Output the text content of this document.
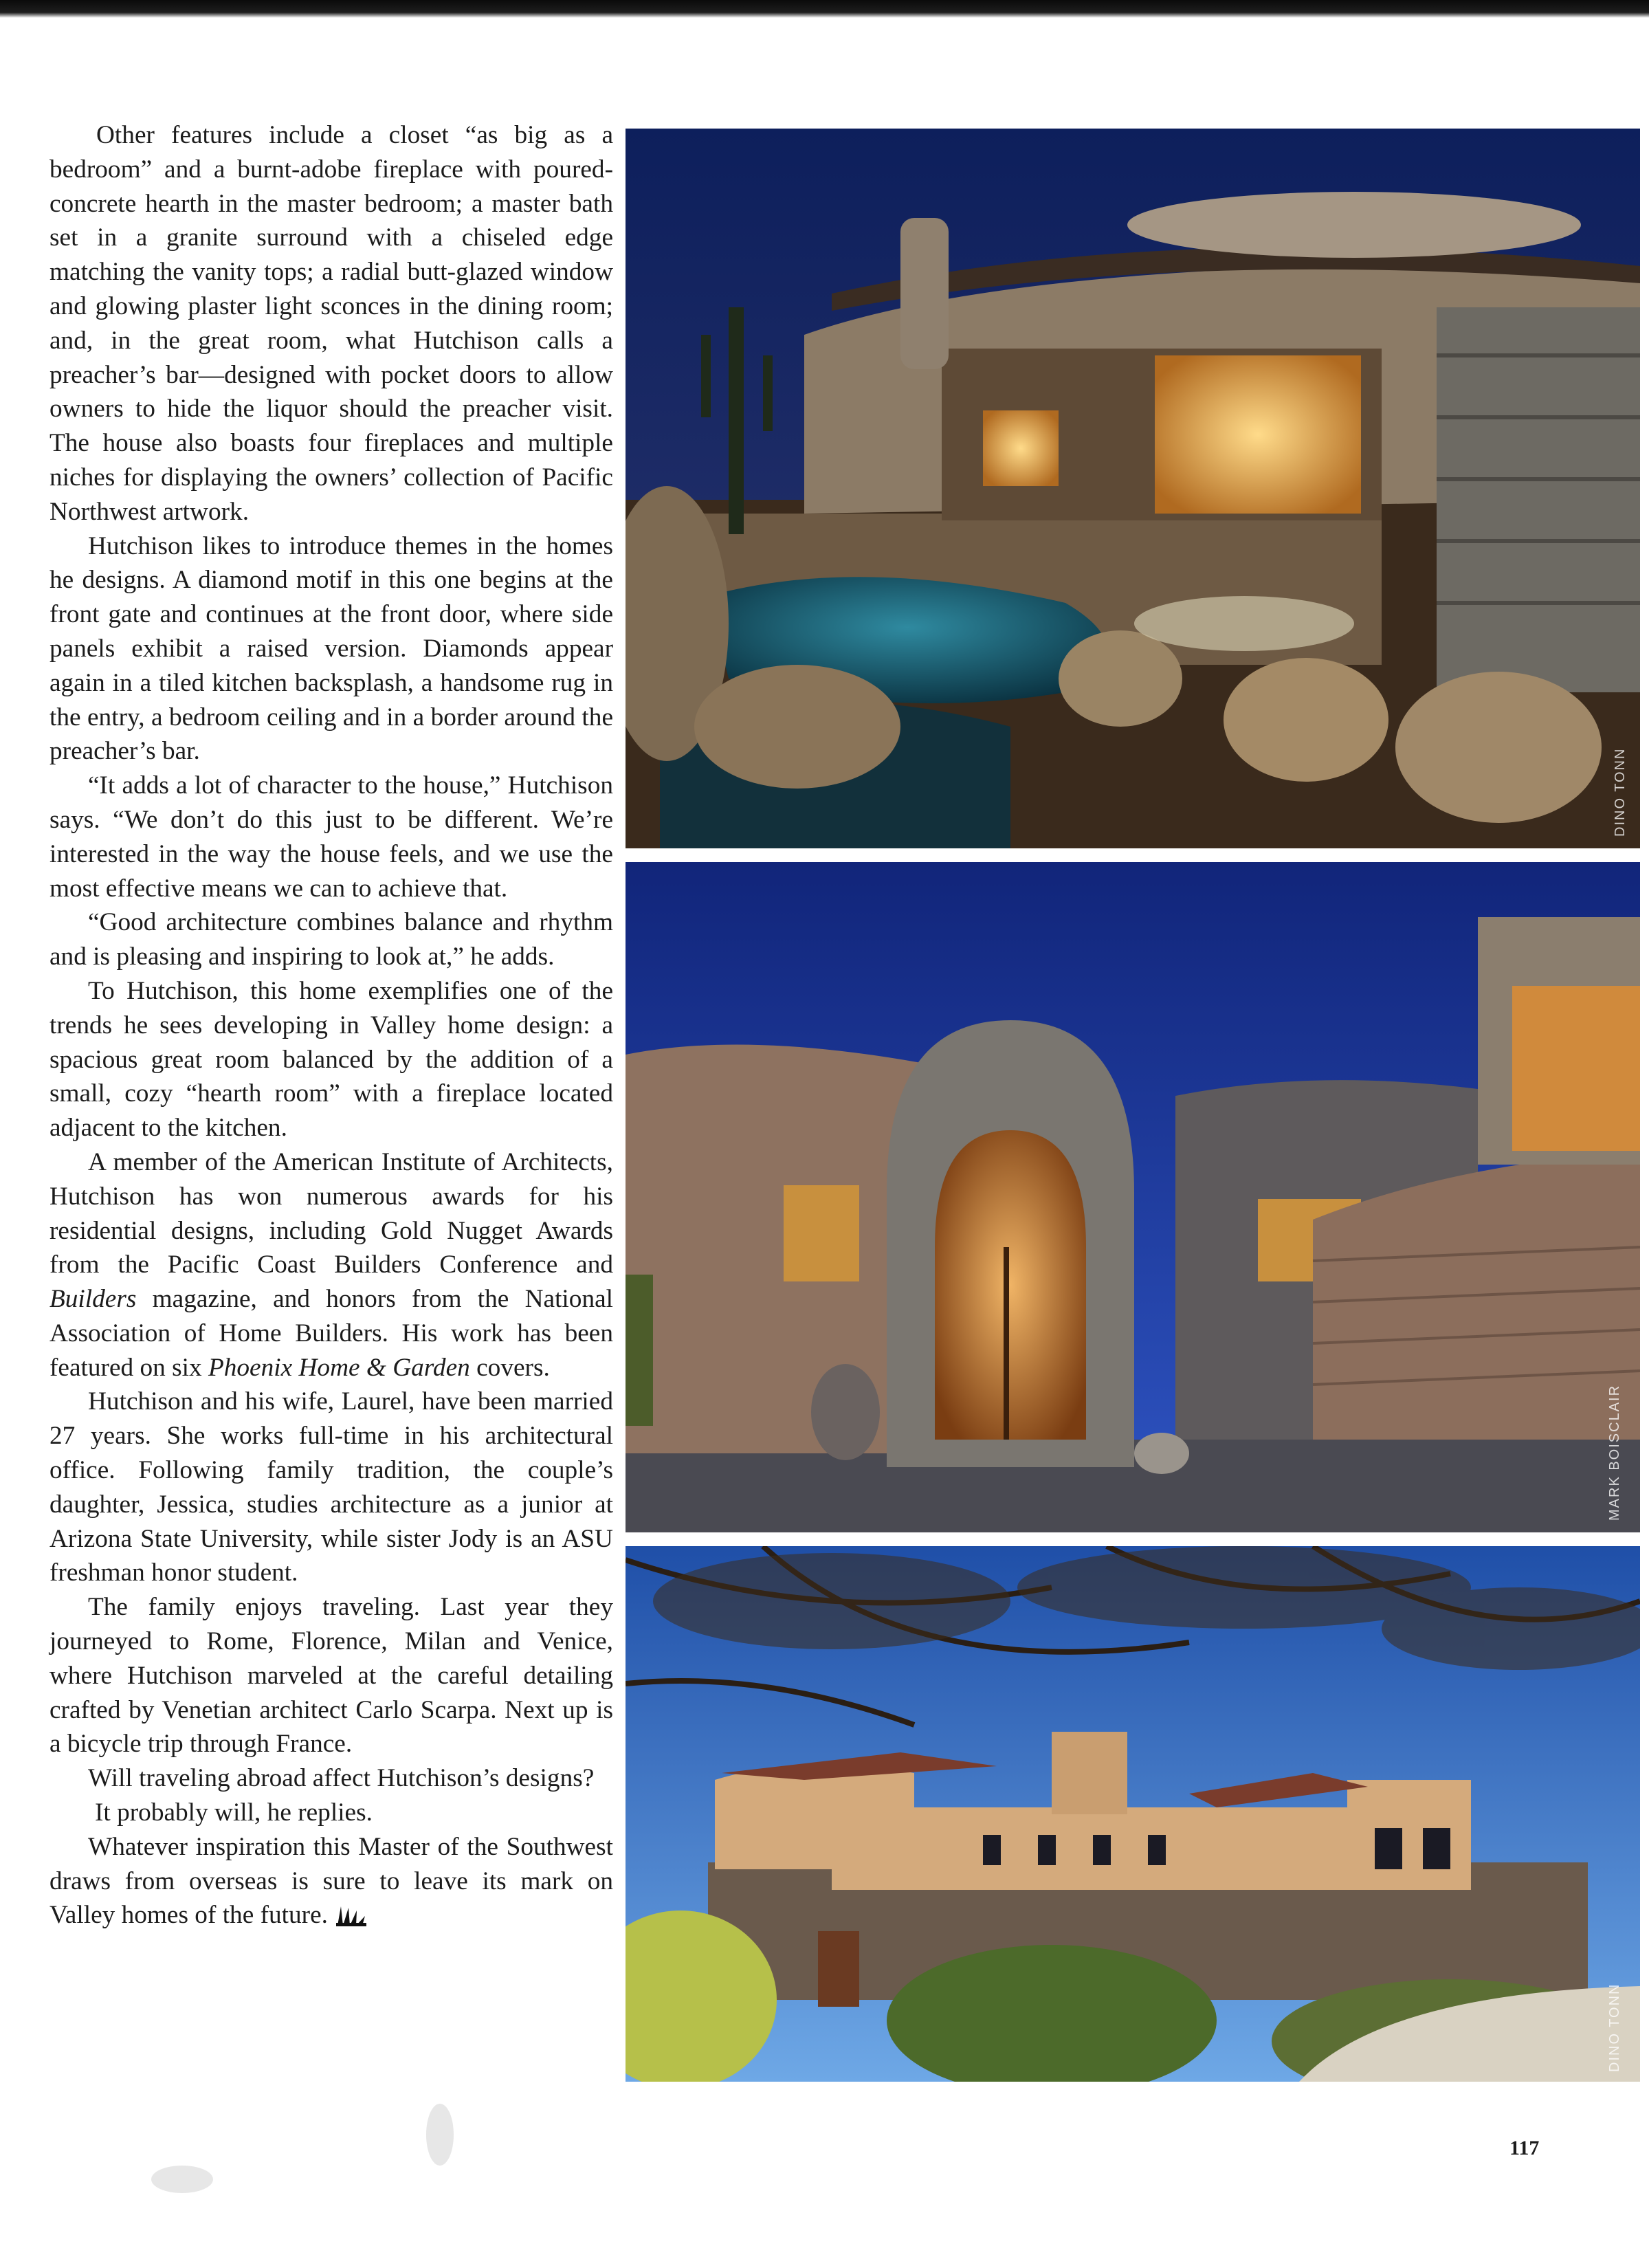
Other features include a closet “as big as a bedroom” and a burnt-adobe fireplace with poured-concrete hearth in the master bedroom; a master bath set in a granite surround with a chiseled edge matching the vanity tops; a radial butt-glazed window and glowing plaster light sconces in the dining room; and, in the great room, what Hutchison calls a preacher’s bar—designed with pocket doors to allow owners to hide the liquor should the preacher visit. The house also boasts four fireplaces and multiple niches for displaying the owners’ collection of Pacific Northwest artwork.

Hutchison likes to introduce themes in the homes he designs. A diamond motif in this one begins at the front gate and continues at the front door, where side panels exhibit a raised version. Diamonds appear again in a tiled kitchen backsplash, a handsome rug in the entry, a bedroom ceiling and in a border around the preacher’s bar.

“It adds a lot of character to the house,” Hutchison says. “We don’t do this just to be different. We’re interested in the way the house feels, and we use the most effective means we can to achieve that.

“Good architecture combines balance and rhythm and is pleasing and inspiring to look at,” he adds.

To Hutchison, this home exemplifies one of the trends he sees developing in Valley home design: a spacious great room balanced by the addition of a small, cozy “hearth room” with a fireplace located adjacent to the kitchen.

A member of the American Institute of Architects, Hutchison has won numerous awards for his residential designs, including Gold Nugget Awards from the Pacific Coast Builders Conference and Builders magazine, and honors from the National Association of Home Builders. His work has been featured on six Phoenix Home & Garden covers.

Hutchison and his wife, Laurel, have been married 27 years. She works full-time in his architectural office. Following family tradition, the couple’s daughter, Jessica, studies architecture as a junior at Arizona State University, while sister Jody is an ASU freshman honor student.

The family enjoys traveling. Last year they journeyed to Rome, Florence, Milan and Venice, where Hutchison marveled at the careful detailing crafted by Venetian architect Carlo Scarpa. Next up is a bicycle trip through France.

Will traveling abroad affect Hutchison’s designs?

It probably will, he replies.

Whatever inspiration this Master of the Southwest draws from overseas is sure to leave its mark on Valley homes of the future.

DINO TONN
MARK BOISCLAIR
DINO TONN
117
